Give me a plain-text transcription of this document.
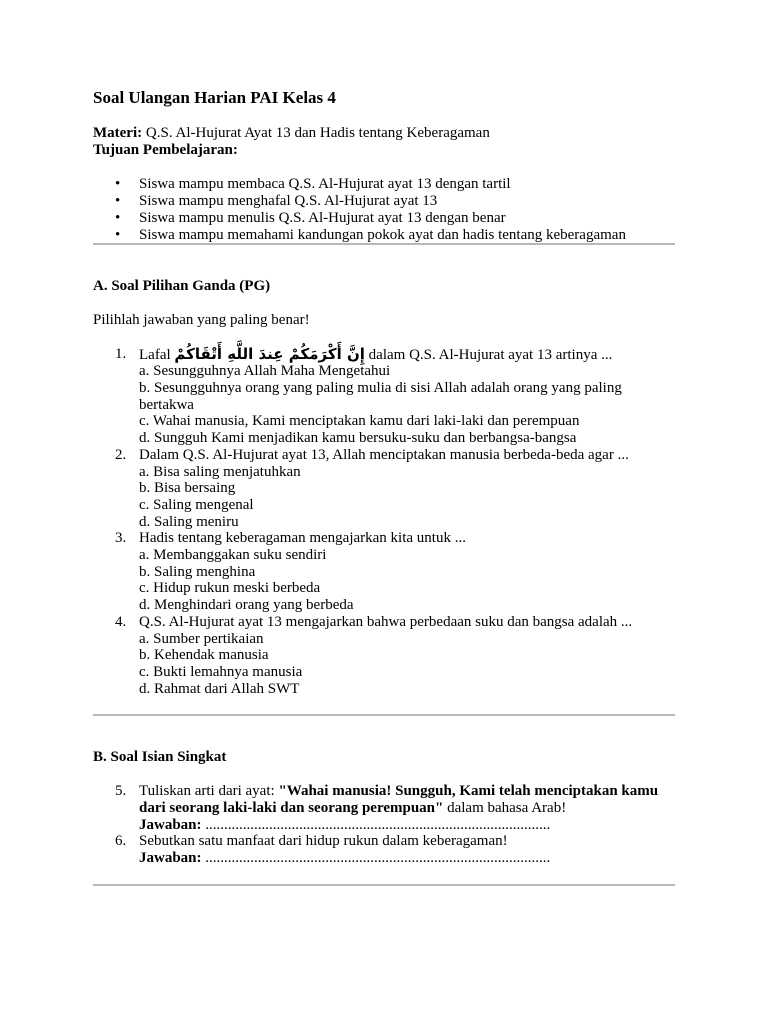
Soal Ulangan Harian PAI Kelas 4

Materi: Q.S. Al-Hujurat Ayat 13 dan Hadis tentang Keberagaman

Tujuan Pembelajaran:

• Siswa mampu membaca Q.S. Al-Hujurat ayat 13 dengan tartil
• Siswa mampu menghafal Q.S. Al-Hujurat ayat 13
• Siswa mampu menulis Q.S. Al-Hujurat ayat 13 dengan benar
• Siswa mampu memahami kandungan pokok ayat dan hadis tentang keberagaman

A. Soal Pilihan Ganda (PG)

Pilihlah jawaban yang paling benar!

1. Lafal إِنَّ أَكْرَمَكُمْ عِندَ اللَّهِ أَتْقَاكُمْ dalam Q.S. Al-Hujurat ayat 13 artinya ...
a. Sesungguhnya Allah Maha Mengetahui
b. Sesungguhnya orang yang paling mulia di sisi Allah adalah orang yang paling bertakwa
c. Wahai manusia, Kami menciptakan kamu dari laki-laki dan perempuan
d. Sungguh Kami menjadikan kamu bersuku-suku dan berbangsa-bangsa
2. Dalam Q.S. Al-Hujurat ayat 13, Allah menciptakan manusia berbeda-beda agar ...
a. Bisa saling menjatuhkan
b. Bisa bersaing
c. Saling mengenal
d. Saling meniru
3. Hadis tentang keberagaman mengajarkan kita untuk ...
a. Membanggakan suku sendiri
b. Saling menghina
c. Hidup rukun meski berbeda
d. Menghindari orang yang berbeda
4. Q.S. Al-Hujurat ayat 13 mengajarkan bahwa perbedaan suku dan bangsa adalah ...
a. Sumber pertikaian
b. Kehendak manusia
c. Bukti lemahnya manusia
d. Rahmat dari Allah SWT

B. Soal Isian Singkat

5. Tuliskan arti dari ayat: "Wahai manusia! Sungguh, Kami telah menciptakan kamu dari seorang laki-laki dan seorang perempuan" dalam bahasa Arab!
Jawaban: ............................................................................................
6. Sebutkan satu manfaat dari hidup rukun dalam keberagaman!
Jawaban: ............................................................................................
